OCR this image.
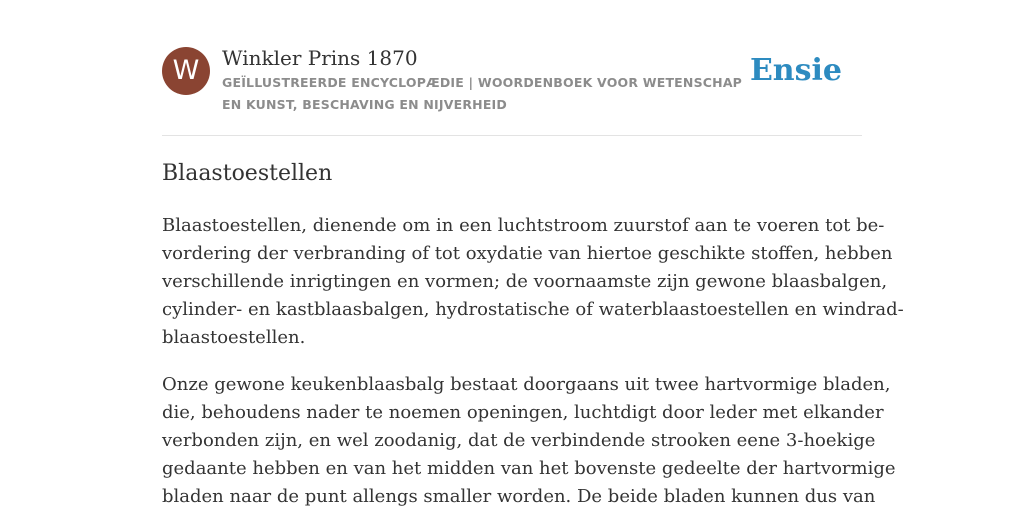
W	Winkler Prins 1870
GEÏLLUSTREERDE ENCYCLOPÆDIE | WOORDENBOEK VOOR WETENSCHAP EN KUNST, BESCHAVING EN NIJVERHEID
Ensie
Blaastoestellen

Blaastoestellen, dienende om in een luchtstroom zuurstof aan te voeren tot be-
vordering der verbranding of tot oxydatie van hiertoe geschikte stoffen, hebben
verschillende inrigtingen en vormen; de voornaamste zijn gewone blaasbalgen,
cylinder- en kastblaasbalgen, hydrostatische of waterblaastoestellen en windrad-
blaastoestellen.

Onze gewone keukenblaasbalg bestaat doorgaans uit twee hartvormige bladen,
die, behoudens nader te noemen openingen, luchtdigt door leder met elkander
verbonden zijn, en wel zoodanig, dat de verbindende strooken eene 3-hoekige
gedaante hebben en van het midden van het bovenste gedeelte der hartvormige
bladen naar de punt allengs smaller worden. De beide bladen kunnen dus van
